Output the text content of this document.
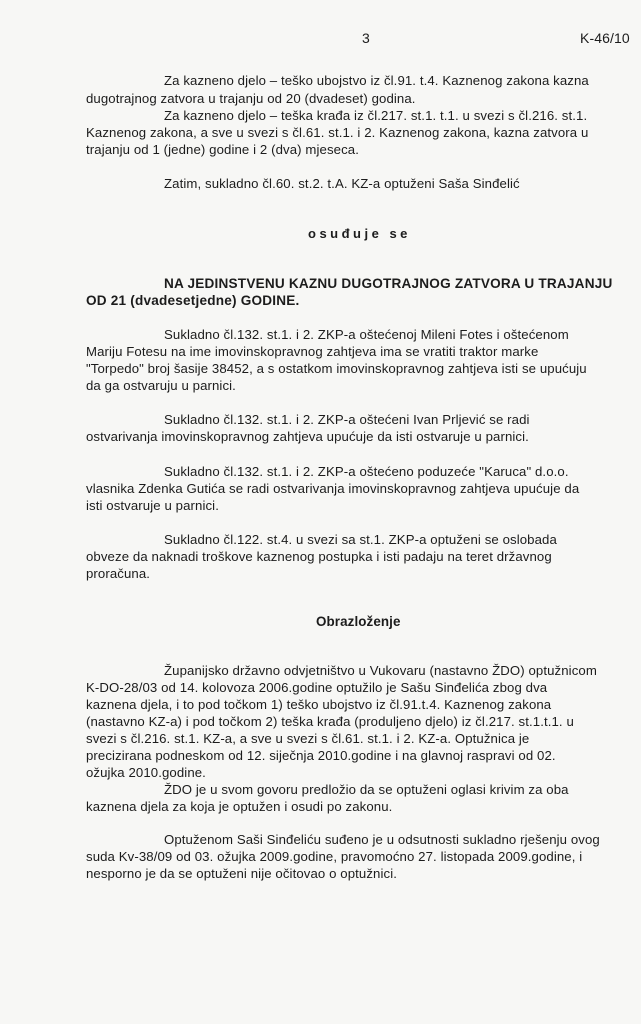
3	K-46/10
Za kazneno djelo – teško ubojstvo iz čl.91. t.4. Kaznenog zakona kazna
dugotrajnog zatvora u trajanju od 20 (dvadeset) godina.
Za kazneno djelo – teška krađa iz čl.217. st.1. t.1. u svezi s čl.216. st.1.
Kaznenog zakona, a sve u svezi s čl.61. st.1. i 2. Kaznenog zakona, kazna zatvora u
trajanju od 1 (jedne) godine i 2 (dva) mjeseca.
Zatim, sukladno čl.60. st.2. t.A. KZ-a optuženi Saša Sinđelić
osuđuje se
NA JEDINSTVENU KAZNU DUGOTRAJNOG ZATVORA U TRAJANJU
OD 21 (dvadesetjedne) GODINE.
Sukladno čl.132. st.1. i 2. ZKP-a oštećenoj Mileni Fotes i oštećenom
Mariju Fotesu na ime imovinskopravnog zahtjeva ima se vratiti traktor marke
"Torpedo" broj šasije 38452, a s ostatkom imovinskopravnog zahtjeva isti se upućuju
da ga ostvaruju u parnici.
Sukladno čl.132. st.1. i 2. ZKP-a oštećeni Ivan Prljević se radi
ostvarivanja imovinskopravnog zahtjeva upućuje da isti ostvaruje u parnici.
Sukladno čl.132. st.1. i 2. ZKP-a oštećeno poduzeće "Karuca" d.o.o.
vlasnika Zdenka Gutića se radi ostvarivanja imovinskopravnog zahtjeva upućuje da
isti ostvaruje u parnici.
Sukladno čl.122. st.4. u svezi sa st.1. ZKP-a optuženi se oslobada
obveze da naknadi troškove kaznenog postupka i isti padaju na teret državnog
proračuna.
Obrazloženje
Županijsko državno odvjetništvo u Vukovaru (nastavno ŽDO) optužnicom
K-DO-28/03 od 14. kolovoza 2006.godine optužilo je Sašu Sinđelića zbog dva
kaznena djela, i to pod točkom 1) teško ubojstvo iz čl.91.t.4. Kaznenog zakona
(nastavno KZ-a) i pod točkom 2) teška krađa (produljeno djelo) iz čl.217. st.1.t.1. u
svezi s čl.216. st.1. KZ-a, a sve u svezi s čl.61. st.1. i 2. KZ-a. Optužnica je
precizirana podneskom od 12. siječnja 2010.godine i na glavnoj raspravi od 02.
ožujka 2010.godine.
ŽDO je u svom govoru predložio da se optuženi oglasi krivim za oba
kaznena djela za koja je optužen i osudi po zakonu.
Optuženom Saši Sinđeliću suđeno je u odsutnosti sukladno rješenju ovog
suda Kv-38/09 od 03. ožujka 2009.godine, pravomoćno 27. listopada 2009.godine, i
nesporno je da se optuženi nije očitovao o optužnici.
